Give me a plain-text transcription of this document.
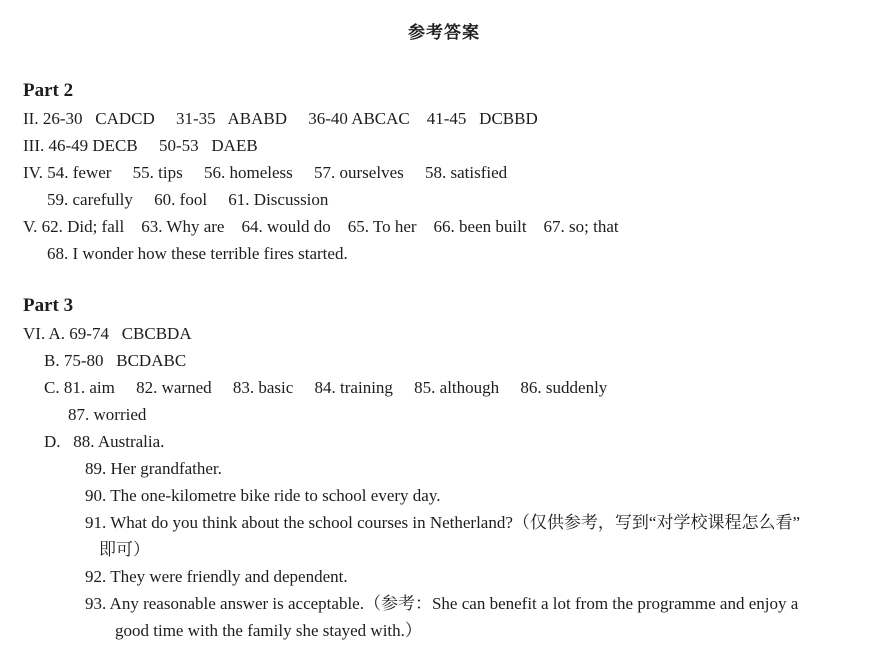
参考答案
Part 2
II. 26-30   CADCD     31-35   ABABD     36-40 ABCAC    41-45   DCBBD
III. 46-49 DECB     50-53   DAEB
IV. 54. fewer     55. tips     56. homeless     57. ourselves     58. satisfied
59. carefully     60. fool     61. Discussion
V. 62. Did; fall    63. Why are    64. would do    65. To her    66. been built    67. so; that
68. I wonder how these terrible fires started.
Part 3
VI. A. 69-74   CBCBDA
B. 75-80   BCDABC
C. 81. aim     82. warned     83. basic     84. training     85. although     86. suddenly
87. worried
D.   88. Australia.
89. Her grandfather.
90. The one-kilometre bike ride to school every day.
91. What do you think about the school courses in Netherland?（仅供参考，写到“对学校课程怎么看”
即可）
92. They were friendly and dependent.
93. Any reasonable answer is acceptable.（参考：She can benefit a lot from the programme and enjoy a
good time with the family she stayed with.）
